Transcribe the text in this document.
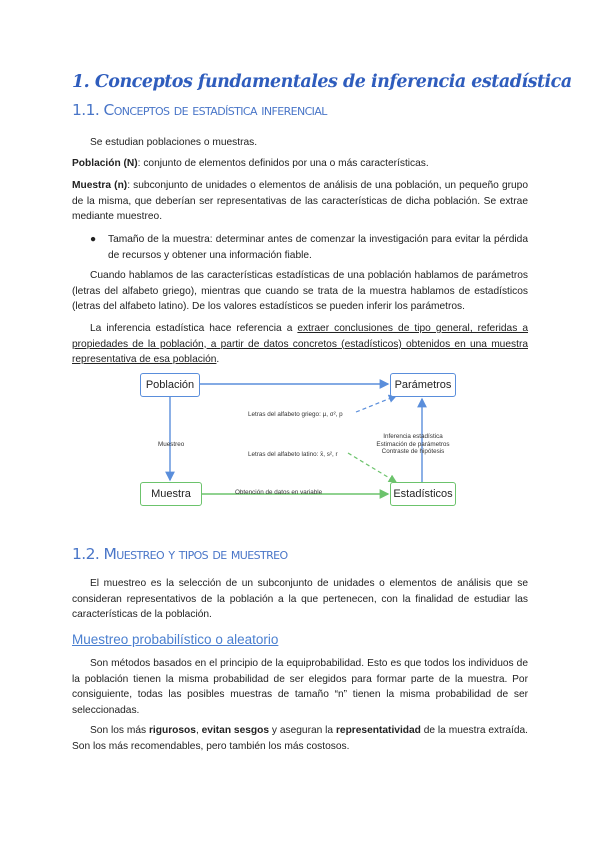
1. Conceptos fundamentales de inferencia estadística
1.1. Conceptos de estadística inferencial

Se estudian poblaciones o muestras.

Población (N): conjunto de elementos definidos por una o más características.

Muestra (n): subconjunto de unidades o elementos de análisis de una población, un pequeño grupo de la misma, que deberían ser representativas de las características de dicha población. Se extrae mediante muestreo.

● Tamaño de la muestra: determinar antes de comenzar la investigación para evitar la pérdida de recursos y obtener una información fiable.

Cuando hablamos de las características estadísticas de una población hablamos de parámetros (letras del alfabeto griego), mientras que cuando se trata de la muestra hablamos de estadísticos (letras del alfabeto latino). De los valores estadísticos se pueden inferir los parámetros.

La inferencia estadística hace referencia a extraer conclusiones de tipo general, referidas a propiedades de la población, a partir de datos concretos (estadísticos) obtenidos en una muestra representativa de esa población.

Población	Parámetros
Muestra	Estadísticos
Muestreo
Obtención de datos en variable
Letras del alfabeto griego: μ, σ², p
Letras del alfabeto latino: x̄, s², r
Inferencia estadística
Estimación de parámetros
Contraste de hipótesis
1.2. Muestreo y tipos de muestreo

El muestreo es la selección de un subconjunto de unidades o elementos de análisis que se consideran representativos de la población a la que pertenecen, con la finalidad de estudiar las características de la población.

Muestreo probabilístico o aleatorio

Son métodos basados en el principio de la equiprobabilidad. Esto es que todos los individuos de la población tienen la misma probabilidad de ser elegidos para formar parte de la muestra. Por consiguiente, todas las posibles muestras de tamaño “n” tienen la misma probabilidad de ser seleccionadas.

Son los más rigurosos, evitan sesgos y aseguran la representatividad de la muestra extraída. Son los más recomendables, pero también los más costosos.
